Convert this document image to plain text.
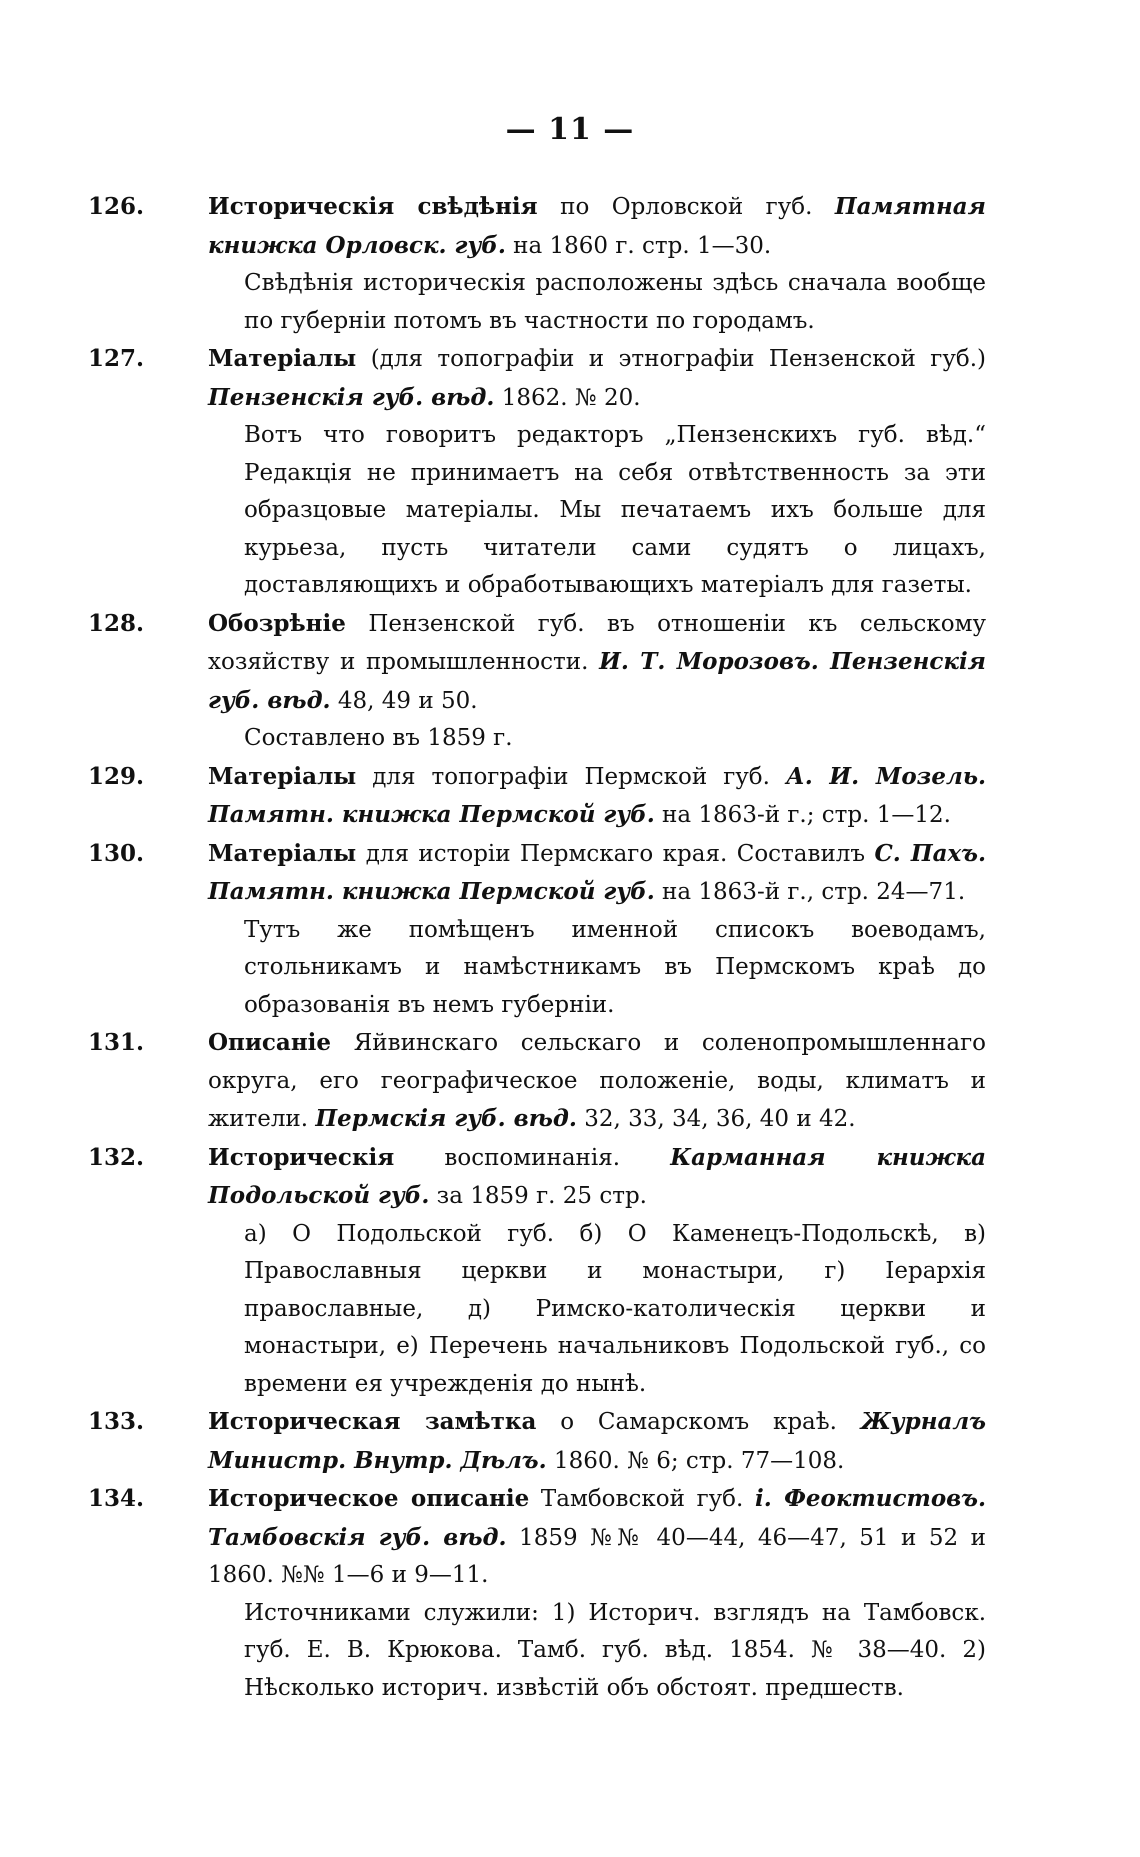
— 11 —
126.	Историческія свѣдѣнія по Орловской губ. Памятная книжка Орловск. губ. на 1860 г. стр. 1—30.
Свѣдѣнія историческія расположены здѣсь сначала вообще по губерніи потомъ въ частности по городамъ.
127.	Матеріалы (для топографіи и этнографіи Пензенской губ.) Пензенскія губ. вѣд. 1862. № 20.
Вотъ что говоритъ редакторъ „Пензенскихъ губ. вѣд.“ Редакція не принимаетъ на себя отвѣтственность за эти образцовые матеріалы. Мы печатаемъ ихъ больше для курьеза, пусть читатели сами судятъ о лицахъ, доставляющихъ и обработывающихъ матеріалъ для газеты.
128.	Обозрѣніе Пензенской губ. въ отношеніи къ сельскому хозяйству и промышленности. И. Т. Морозовъ. Пензенскія губ. вѣд. 48, 49 и 50.
Составлено въ 1859 г.
129.	Матеріалы для топографіи Пермской губ. А. И. Мозель. Памятн. книжка Пермской губ. на 1863-й г.; стр. 1—12.
130.	Матеріалы для исторіи Пермскаго края. Составилъ С. Пахъ. Памятн. книжка Пермской губ. на 1863-й г., стр. 24—71.
Тутъ же помѣщенъ именной списокъ воеводамъ, стольникамъ и намѣстникамъ въ Пермскомъ краѣ до образованія въ немъ губерніи.
131.	Описаніе Яйвинскаго сельскаго и соленопромышленнаго округа, его географическое положеніе, воды, климатъ и жители. Пермскія губ. вѣд. 32, 33, 34, 36, 40 и 42.
132.	Историческія воспоминанія. Карманная книжка Подольской губ. за 1859 г. 25 стр.
а) О Подольской губ. б) О Каменецъ-Подольскѣ, в) Православныя церкви и монастыри, г) Іерархія православные, д) Римско-католическія церкви и монастыри, е) Перечень начальниковъ Подольской губ., со времени ея учрежденія до нынѣ.
133.	Историческая замѣтка о Самарскомъ краѣ. Журналъ Министр. Внутр. Дѣлъ. 1860. № 6; стр. 77—108.
134.	Историческое описаніе Тамбовской губ. і. Феоктистовъ. Тамбовскія губ. вѣд. 1859 №№ 40—44, 46—47, 51 и 52 и 1860. №№ 1—6 и 9—11.
Источниками служили: 1) Историч. взглядъ на Тамбовск. губ. Е. В. Крюкова. Тамб. губ. вѣд. 1854. № 38—40. 2) Нѣсколько историч. извѣстій объ обстоят. предшеств.
